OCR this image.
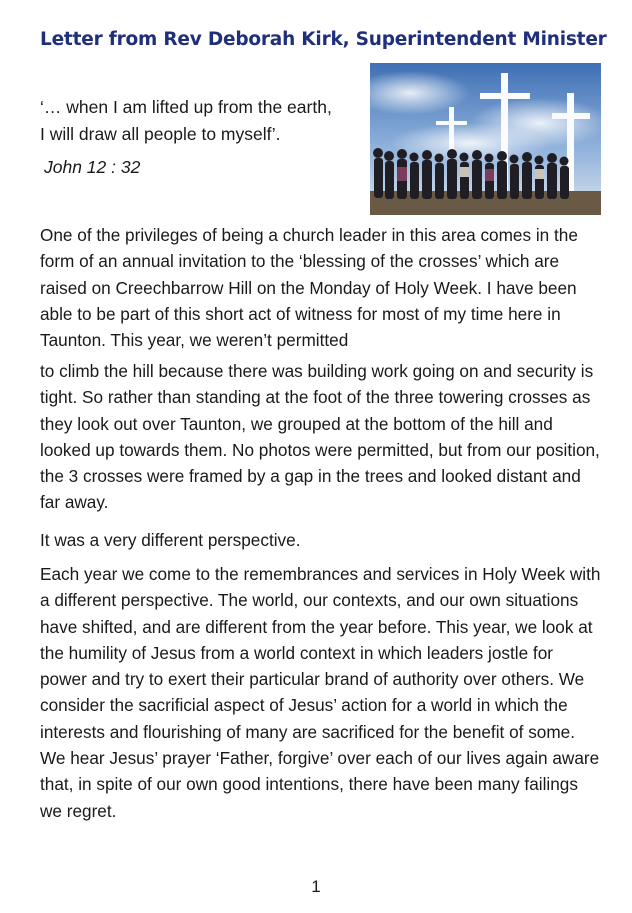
Letter from Rev Deborah Kirk, Superintendent Minister

‘… when I am lifted up from the earth,

I will draw all people to myself’.

John 12 : 32

One of the privileges of being a church leader in this area comes in the form of an annual invitation to the ‘blessing of the crosses’ which are raised on Creechbarrow Hill on the Monday of Holy Week. I have been able to be part of this short act of witness for most of my time here in Taunton. This year, we weren’t permitted

to climb the hill because there was building work going on and security is tight. So rather than standing at the foot of the three towering crosses as they look out over Taunton, we grouped at the bottom of the hill and looked up towards them. No photos were permitted, but from our position, the 3 crosses were framed by a gap in the trees and looked distant and far away.

It was a very different perspective.

Each year we come to the remembrances and services in Holy Week with a different perspective. The world, our contexts, and our own situations have shifted, and are different from the year before. This year, we look at the humility of Jesus from a world context in which leaders jostle for power and try to exert their particular brand of authority over others. We consider the sacrificial aspect of Jesus’ action for a world in which the interests and flourishing of many are sacrificed for the benefit of some. We hear Jesus’ prayer ‘Father, forgive’ over each of our lives again aware that, in spite of our own good intentions, there have been many failings we regret.

1
